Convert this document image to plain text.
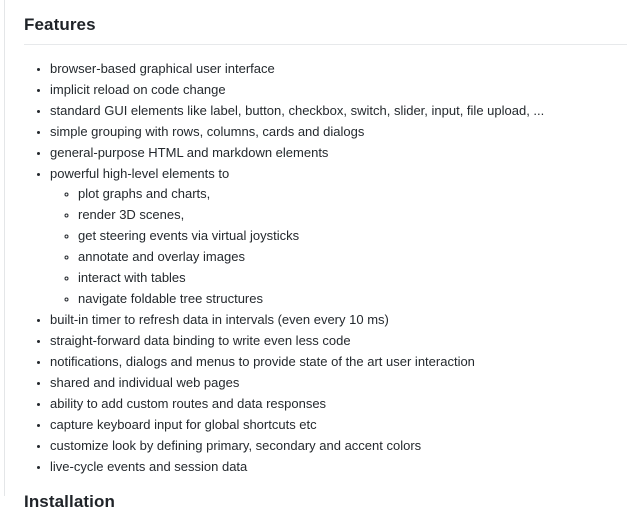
Features
• browser-based graphical user interface
• implicit reload on code change
• standard GUI elements like label, button, checkbox, switch, slider, input, file upload, ...
• simple grouping with rows, columns, cards and dialogs
• general-purpose HTML and markdown elements
• powerful high-level elements to
◦ plot graphs and charts,
◦ render 3D scenes,
◦ get steering events via virtual joysticks
◦ annotate and overlay images
◦ interact with tables
◦ navigate foldable tree structures
• built-in timer to refresh data in intervals (even every 10 ms)
• straight-forward data binding to write even less code
• notifications, dialogs and menus to provide state of the art user interaction
• shared and individual web pages
• ability to add custom routes and data responses
• capture keyboard input for global shortcuts etc
• customize look by defining primary, secondary and accent colors
• live-cycle events and session data
Installation
